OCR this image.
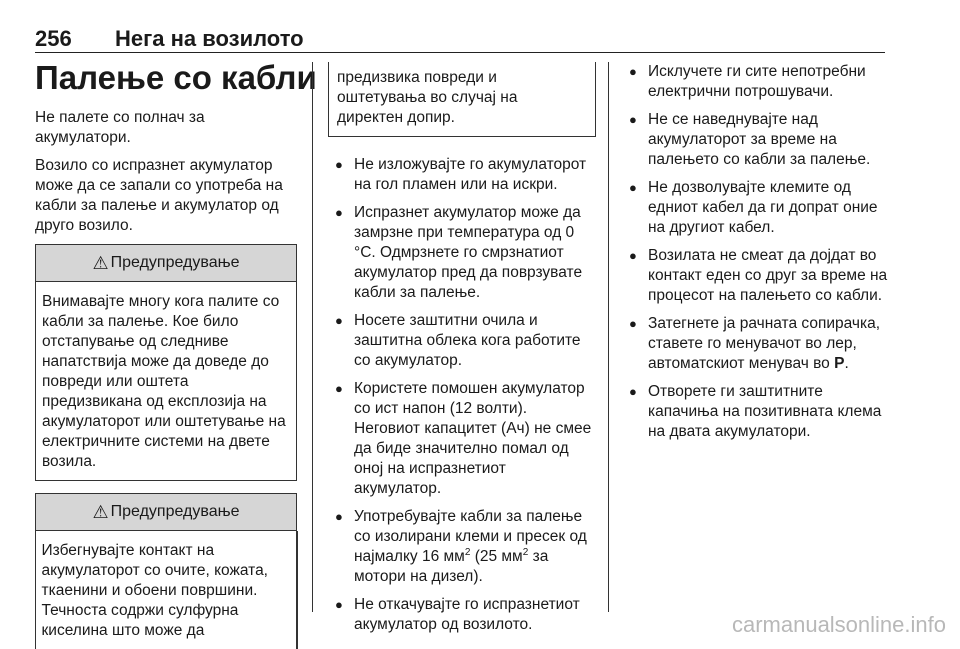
256 Нега на возилото
Палење со кабли

Не палете со полнач за акумулатори.

Возило со испразнет акумулатор може да се запали со употреба на кабли за палење и акумулатор од друго возило.

⚠ Предупредување
Внимавајте многу кога палите со кабли за палење. Кое било отстапување од следниве напатствија може да доведе до повреди или оштета предизвикана од експлозија на акумулаторот или оштетување на електричните системи на двете возила.
⚠ Предупредување
Избегнувајте контакт на акумулаторот со очите, кожата, ткаенини и обоени површини. Течноста содржи сулфурна киселина што може да
предизвика повреди и оштетувања во случај на директен допир.
● Не изложувајте го акумулаторот на гол пламен или на искри.
● Испразнет акумулатор може да замрзне при температура од 0 °C. Одмрзнете го смрзнатиот акумулатор пред да поврзувате кабли за палење.
● Носете заштитни очила и заштитна облека кога работите со акумулатор.
● Користете помошен акумулатор со ист напон (12 волти). Неговиот капацитет (Ач) не смее да биде значително помал од оној на испразнетиот акумулатор.
● Употребувајте кабли за палење со изолирани клеми и пресек од најмалку 16 $мм^2$ (25 $мм^2$ за мотори на дизел).
● Не откачувајте го испразнетиот акумулатор од возилото.
● Исклучете ги сите непотребни електрични потрошувачи.
● Не се наведнувајте над акумулаторот за време на палењето со кабли за палење.
● Не дозволувајте клемите од едниот кабел да ги допрат оние на другиот кабел.
● Возилата не смеат да дојдат во контакт еден со друг за време на процесот на палењето со кабли.
● Затегнете ја рачната сопирачка, ставете го менувачот во лер, автоматскиот менувач во P.
● Отворете ги заштитните капачиња на позитивната клема на двата акумулатори.
carmanualsonline.info
